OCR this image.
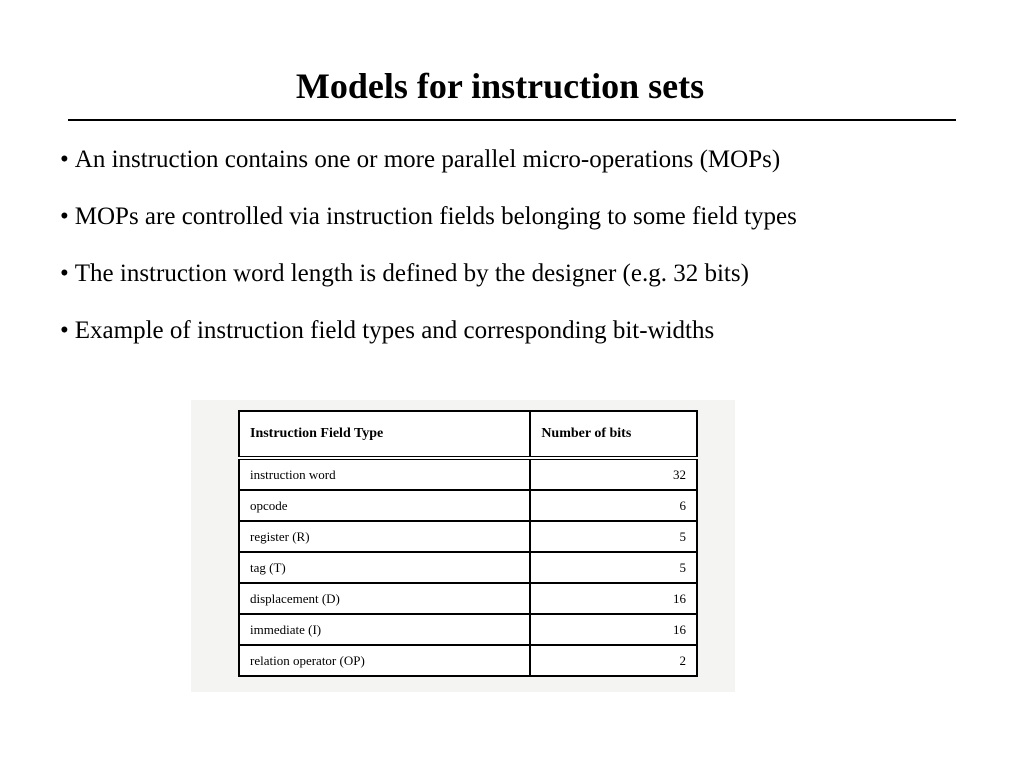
Models for instruction sets
• An instruction contains one or more parallel micro-operations (MOPs)
• MOPs are controlled via instruction fields belonging to some field types
• The instruction word length is defined by the designer (e.g. 32 bits)
• Example of instruction field types and corresponding bit-widths
Instruction Field Type	Number of bits
instruction word	32
opcode	6
register (R)	5
tag (T)	5
displacement (D)	16
immediate (I)	16
relation operator (OP)	2
